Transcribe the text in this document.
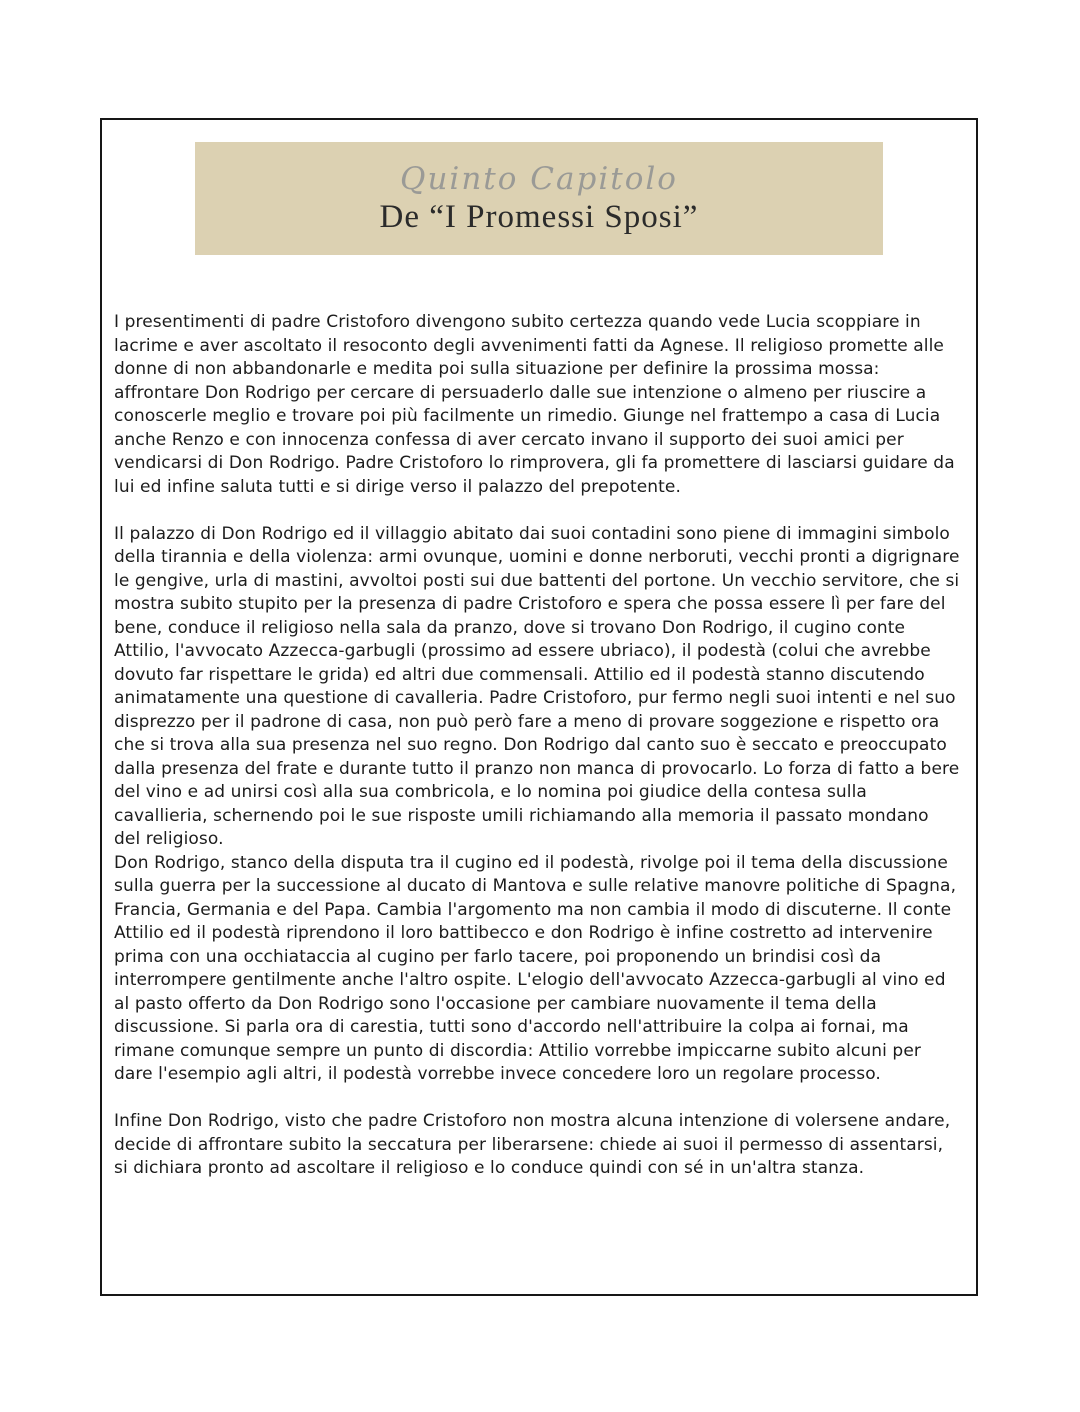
Quinto Capitolo
De “I Promessi Sposi”

I presentimenti di padre Cristoforo divengono subito certezza quando vede Lucia scoppiare in lacrime e aver ascoltato il resoconto degli avvenimenti fatti da Agnese. Il religioso promette alle donne di non abbandonarle e medita poi sulla situazione per definire la prossima mossa: affrontare Don Rodrigo per cercare di persuaderlo dalle sue intenzione o almeno per riuscire a conoscerle meglio e trovare poi più facilmente un rimedio. Giunge nel frattempo a casa di Lucia anche Renzo e con innocenza confessa di aver cercato invano il supporto dei suoi amici per vendicarsi di Don Rodrigo. Padre Cristoforo lo rimprovera, gli fa promettere di lasciarsi guidare da lui ed infine saluta tutti e si dirige verso il palazzo del prepotente.

Il palazzo di Don Rodrigo ed il villaggio abitato dai suoi contadini sono piene di immagini simbolo della tirannia e della violenza: armi ovunque, uomini e donne nerboruti, vecchi pronti a digrignare le gengive, urla di mastini, avvoltoi posti sui due battenti del portone. Un vecchio servitore, che si mostra subito stupito per la presenza di padre Cristoforo e spera che possa essere lì per fare del bene, conduce il religioso nella sala da pranzo, dove si trovano Don Rodrigo, il cugino conte Attilio, l'avvocato Azzecca-garbugli (prossimo ad essere ubriaco), il podestà (colui che avrebbe dovuto far rispettare le grida) ed altri due commensali. Attilio ed il podestà stanno discutendo animatamente una questione di cavalleria. Padre Cristoforo, pur fermo negli suoi intenti e nel suo disprezzo per il padrone di casa, non può però fare a meno di provare soggezione e rispetto ora che si trova alla sua presenza nel suo regno. Don Rodrigo dal canto suo è seccato e preoccupato dalla presenza del frate e durante tutto il pranzo non manca di provocarlo. Lo forza di fatto a bere del vino e ad unirsi così alla sua combricola, e lo nomina poi giudice della contesa sulla cavallieria, schernendo poi le sue risposte umili richiamando alla memoria il passato mondano del religioso.

Don Rodrigo, stanco della disputa tra il cugino ed il podestà, rivolge poi il tema della discussione sulla guerra per la successione al ducato di Mantova e sulle relative manovre politiche di Spagna, Francia, Germania e del Papa. Cambia l'argomento ma non cambia il modo di discuterne. Il conte Attilio ed il podestà riprendono il loro battibecco e don Rodrigo è infine costretto ad intervenire prima con una occhiataccia al cugino per farlo tacere, poi proponendo un brindisi così da interrompere gentilmente anche l'altro ospite. L'elogio dell'avvocato Azzecca-garbugli al vino ed al pasto offerto da Don Rodrigo sono l'occasione per cambiare nuovamente il tema della discussione. Si parla ora di carestia, tutti sono d'accordo nell'attribuire la colpa ai fornai, ma rimane comunque sempre un punto di discordia: Attilio vorrebbe impiccarne subito alcuni per dare l'esempio agli altri, il podestà vorrebbe invece concedere loro un regolare processo.

Infine Don Rodrigo, visto che padre Cristoforo non mostra alcuna intenzione di volersene andare, decide di affrontare subito la seccatura per liberarsene: chiede ai suoi il permesso di assentarsi, si dichiara pronto ad ascoltare il religioso e lo conduce quindi con sé in un'altra stanza.
